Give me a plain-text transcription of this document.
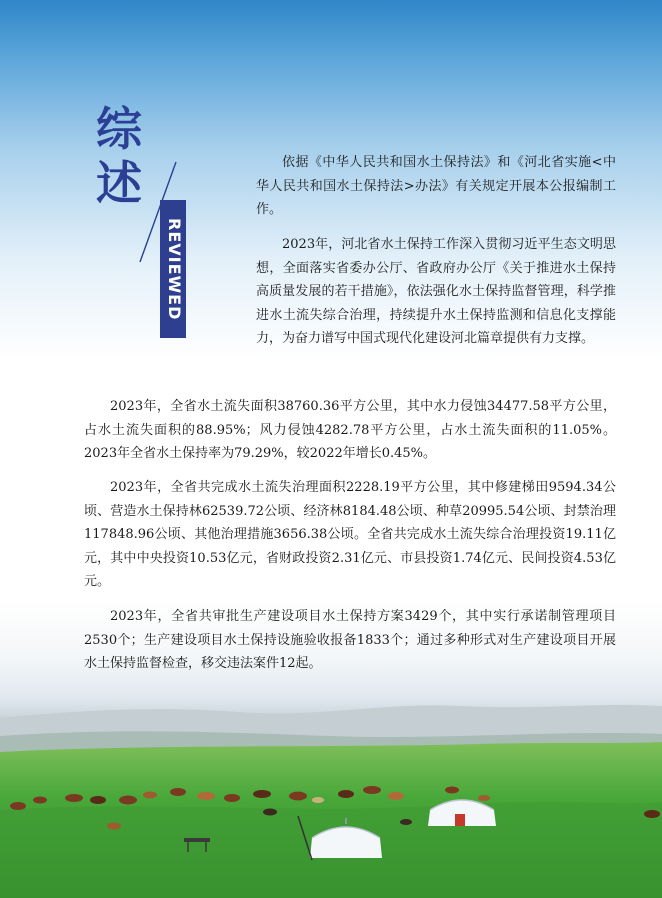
综
述
REVIEWED

依据《中华人民共和国水土保持法》和《河北省实施<中华人民共和国水土保持法>办法》有关规定开展本公报编制工作。

2023年，河北省水土保持工作深入贯彻习近平生态文明思想，全面落实省委办公厅、省政府办公厅《关于推进水土保持高质量发展的若干措施》，依法强化水土保持监督管理，科学推进水土流失综合治理，持续提升水土保持监测和信息化支撑能力，为奋力谱写中国式现代化建设河北篇章提供有力支撑。

2023年，全省水土流失面积38760.36平方公里，其中水力侵蚀34477.58平方公里，占水土流失面积的88.95%；风力侵蚀4282.78平方公里，占水土流失面积的11.05%。2023年全省水土保持率为79.29%，较2022年增长0.45%。

2023年，全省共完成水土流失治理面积2228.19平方公里，其中修建梯田9594.34公顷、营造水土保持林62539.72公顷、经济林8184.48公顷、种草20995.54公顷、封禁治理117848.96公顷、其他治理措施3656.38公顷。全省共完成水土流失综合治理投资19.11亿元，其中中央投资10.53亿元，省财政投资2.31亿元、市县投资1.74亿元、民间投资4.53亿元。

2023年，全省共审批生产建设项目水土保持方案3429个，其中实行承诺制管理项目2530个；生产建设项目水土保持设施验收报备1833个；通过多种形式对生产建设项目开展水土保持监督检查，移交违法案件12起。
